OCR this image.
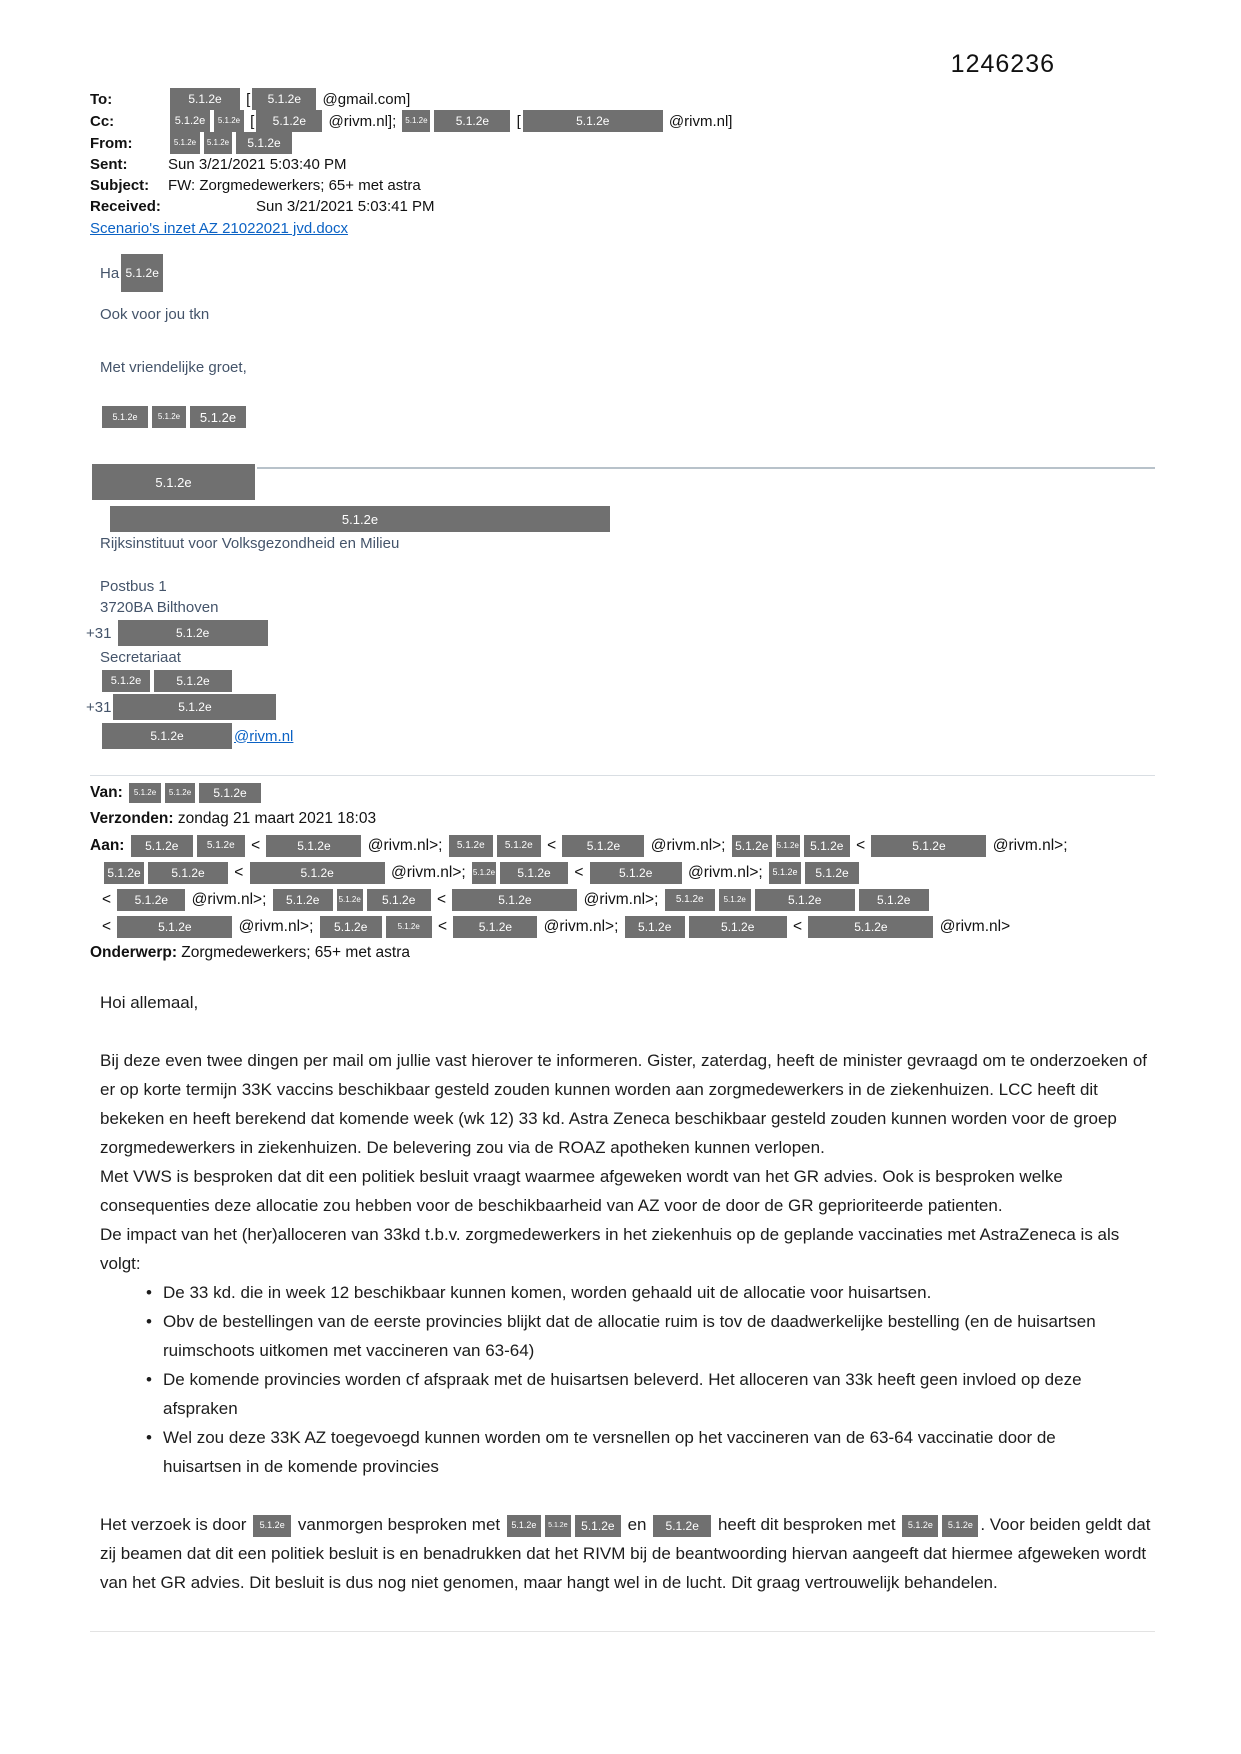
1246236
To:	5.1.2e	[	5.1.2e	@gmail.com]
Cc:	5.1.2e	5.1.2e [	5.1.2e	@rivm.nl]; 5.1.2e	5.1.2e	[	5.1.2e	@rivm.nl]
From:	5.1.2e	5.1.2e	5.1.2e
Sent:	Sun 3/21/2021 5:03:40 PM
Subject:	FW: Zorgmedewerkers; 65+ met astra
Received:	Sun 3/21/2021 5:03:41 PM
Scenario's inzet AZ 21022021 jvd.docx
Ha 5.1.2e
Ook voor jou tkn
Met vriendelijke groet,
5.1.2e	5.1.2e	5.1.2e
5.1.2e
5.1.2e
Rijksinstituut voor Volksgezondheid en Milieu
Postbus 1
3720BA Bilthoven
+31	5.1.2e
Secretariaat
5.1.2e	5.1.2e
+31	5.1.2e
5.1.2e	@rivm.nl
Van: 5.1.2e 5.1.2e 5.1.2e
Verzonden: zondag 21 maart 2021 18:03
Aan: 5.1.2e	5.1.2e <	5.1.2e @rivm.nl>; 5.1.2e 5.1.2e < 5.1.2e @rivm.nl>; 5.1.2e 5.1.2e 5.1.2e <	5.1.2e	@rivm.nl>;
5.1.2e	5.1.2e <	5.1.2e	@rivm.nl>; 5.1.2e 5.1.2e <	5.1.2e @rivm.nl>; 5.1.2e 5.1.2e
< 5.1.2e @rivm.nl>; 5.1.2e 5.1.2e 5.1.2e <	5.1.2e	@rivm.nl>; 5.1.2e 5.1.2e	5.1.2e	5.1.2e
<	5.1.2e	@rivm.nl>; 5.1.2e	5.1.2e < 5.1.2e @rivm.nl>; 5.1.2e	5.1.2e <	5.1.2e	@rivm.nl>
Onderwerp: Zorgmedewerkers; 65+ met astra

Hoi allemaal,

Bij deze even twee dingen per mail om jullie vast hierover te informeren. Gister, zaterdag, heeft de minister gevraagd om te onderzoeken of er op korte termijn 33K vaccins beschikbaar gesteld zouden kunnen worden aan zorgmedewerkers in de ziekenhuizen. LCC heeft dit bekeken en heeft berekend dat komende week (wk 12) 33 kd. Astra Zeneca beschikbaar gesteld zouden kunnen worden voor de groep zorgmedewerkers in ziekenhuizen. De belevering zou via de ROAZ apotheken kunnen verlopen.

Met VWS is besproken dat dit een politiek besluit vraagt waarmee afgeweken wordt van het GR advies. Ook is besproken welke consequenties deze allocatie zou hebben voor de beschikbaarheid van AZ voor de door de GR geprioriteerde patienten.

De impact van het (her)alloceren van 33kd t.b.v. zorgmedewerkers in het ziekenhuis op de geplande vaccinaties met AstraZeneca is als volgt:

• De 33 kd. die in week 12 beschikbaar kunnen komen, worden gehaald uit de allocatie voor huisartsen.
• Obv de bestellingen van de eerste provincies blijkt dat de allocatie ruim is tov de daadwerkelijke bestelling (en de huisartsen ruimschoots uitkomen met vaccineren van 63-64)
• De komende provincies worden cf afspraak met de huisartsen beleverd. Het alloceren van 33k heeft geen invloed op deze afspraken
• Wel zou deze 33K AZ toegevoegd kunnen worden om te versnellen op het vaccineren van de 63-64 vaccinatie door de huisartsen in de komende provincies

Het verzoek is door 5.1.2e vanmorgen besproken met 5.1.2e 5.1.2e 5.1.2e en 5.1.2e heeft dit besproken met 5.1.2e 5.1.2e . Voor beiden geldt dat zij beamen dat dit een politiek besluit is en benadrukken dat het RIVM bij de beantwoording hiervan aangeeft dat hiermee afgeweken wordt van het GR advies. Dit besluit is dus nog niet genomen, maar hangt wel in de lucht. Dit graag vertrouwelijk behandelen.
